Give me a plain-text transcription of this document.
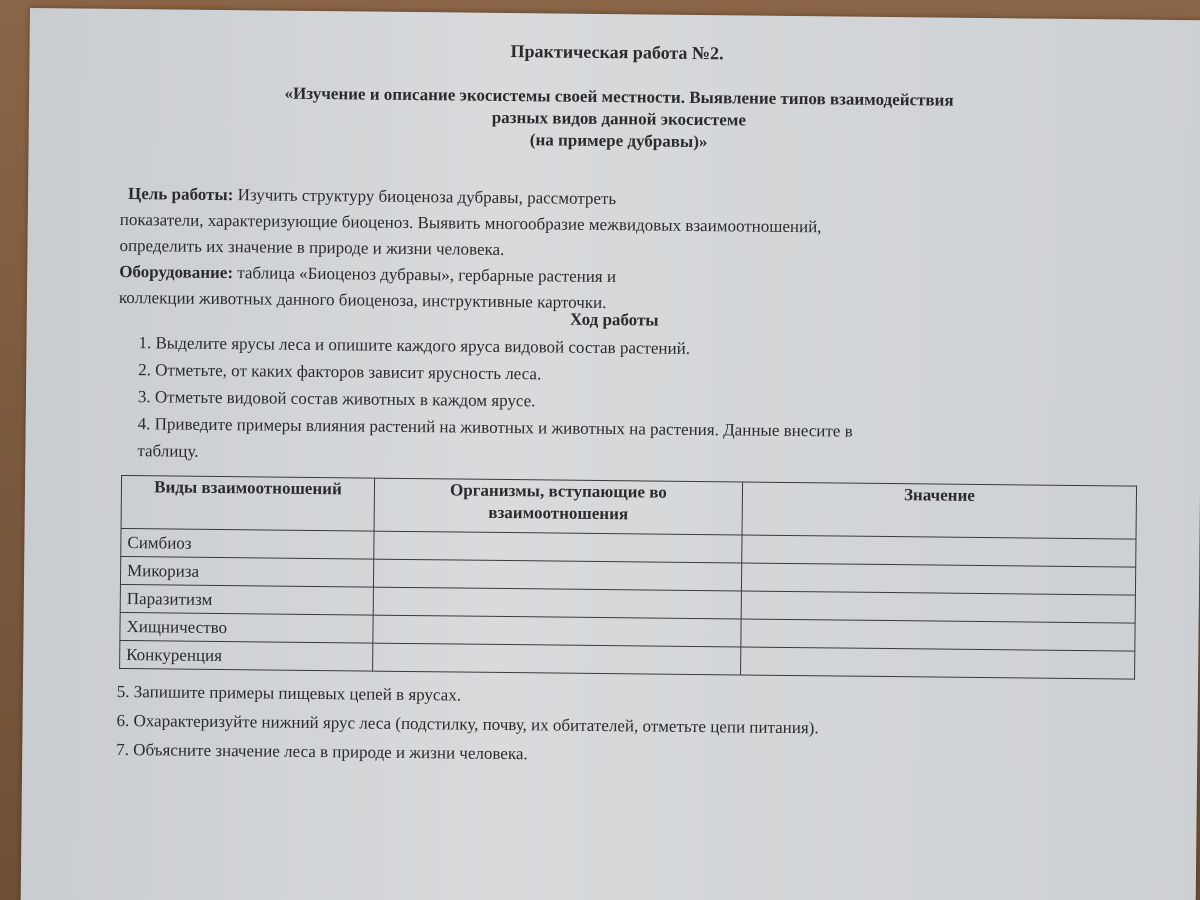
Практическая работа №2.
«Изучение и описание экосистемы своей местности. Выявление типов взаимодействия
разных видов данной экосистеме
(на примере дубравы)»
Цель работы: Изучить структуру биоценоза дубравы, рассмотреть
показатели, характеризующие биоценоз. Выявить многообразие межвидовых взаимоотношений,
определить их значение в природе и жизни человека.
Оборудование: таблица «Биоценоз дубравы», гербарные растения и
коллекции животных данного биоценоза, инструктивные карточки.
Ход работы
1. Выделите ярусы леса и опишите каждого яруса видовой состав растений.
2. Отметьте, от каких факторов зависит ярусность леса.
3. Отметьте видовой состав животных в каждом ярусе.
4. Приведите примеры влияния растений на животных и животных на растения. Данные внесите в
таблицу.
Виды взаимоотношений	Организмы, вступающие во взаимоотношения	Значение
Симбиоз		
Микориза		
Паразитизм		
Хищничество		
Конкуренция		
5. Запишите примеры пищевых цепей в ярусах.
6. Охарактеризуйте нижний ярус леса (подстилку, почву, их обитателей, отметьте цепи питания).
7. Объясните значение леса в природе и жизни человека.
